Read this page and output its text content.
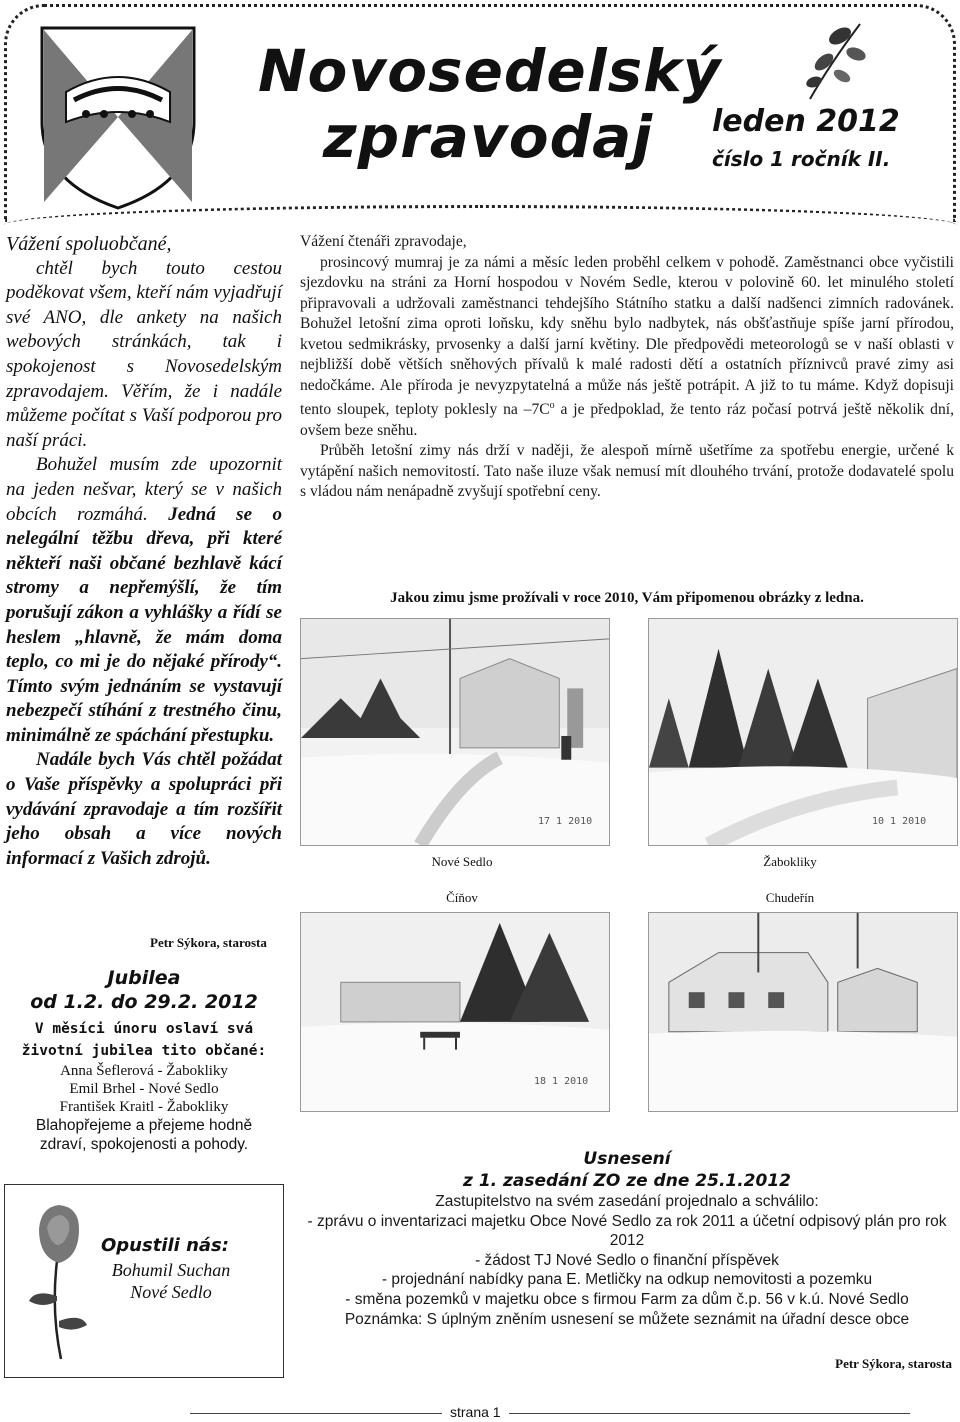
Novosedelský
zpravodaj	leden 2012
číslo 1 ročník II.

Vážení spoluobčané,

chtěl bych touto cestou poděkovat všem, kteří nám vyjadřují své ANO, dle ankety na našich webových stránkách, tak i spokojenost s Novosedelským zpravodajem. Věřím, že i nadále můžeme počítat s Vaší podporou pro naší práci.

Bohužel musím zde upozornit na jeden nešvar, který se v našich obcích rozmáhá. Jedná se o nelegální těžbu dřeva, při které někteří naši občané bezhlavě kácí stromy a nepřemýšlí, že tím porušují zákon a vyhlášky a řídí se heslem „hlavně, že mám doma teplo, co mi je do nějaké přírody“. Tímto svým jednáním se vystavují nebezpečí stíhání z trestného činu, minimálně ze spáchání přestupku.

Nadále bych Vás chtěl požádat o Vaše příspěvky a spolupráci při vydávání zpravodaje a tím rozšířit jeho obsah a více nových informací z Vašich zdrojů.

Petr Sýkora, starosta
Jubilea
od 1.2. do 29.2. 2012
V měsíci únoru oslaví svá
životní jubilea tito občané:
Anna Šeflerová - Žabokliky
Emil Brhel - Nové Sedlo
František Kraitl - Žabokliky
Blahopřejeme a přejeme hodně
zdraví, spokojenosti a pohody.
Opustili nás:
Bohumil Suchan
Nové Sedlo

Vážení čtenáři zpravodaje,

prosincový mumraj je za námi a měsíc leden proběhl celkem v pohodě. Zaměstnanci obce vyčistili sjezdovku na stráni za Horní hospodou v Novém Sedle, kterou v polovině 60. let minulého století připravovali a udržovali zaměstnanci tehdejšího Státního statku a další nadšenci zimních radovánek. Bohužel letošní zima oproti loňsku, kdy sněhu bylo nadbytek, nás obšťastňuje spíše jarní přírodou, kvetou sedmikrásky, prvosenky a další jarní květiny. Dle předpovědi meteorologů se v naší oblasti v nejbližší době větších sněhových přívalů k malé radosti dětí a ostatních příznivců pravé zimy asi nedočkáme. Ale příroda je nevyzpytatelná a může nás ještě potrápit. A již to tu máme. Když dopisuji tento sloupek, teploty poklesly na $-7C^o$ a je předpoklad, že tento ráz počasí potrvá ještě několik dní, ovšem beze sněhu.

Průběh letošní zimy nás drží v naději, že alespoň mírně ušetříme za spotřebu energie, určené k vytápění našich nemovitostí. Tato naše iluze však nemusí mít dlouhého trvání, protože dodavatelé spolu s vládou nám nenápadně zvyšují spotřební ceny.

Jakou zimu jsme prožívali v roce 2010, Vám připomenou obrázky z ledna.
17 1 2010
Nové Sedlo
10 1 2010
Žabokliky
Číňov	Chudeřín
18 1 2010
Usnesení
z 1. zasedání ZO ze dne 25.1.2012
Zastupitelstvo na svém zasedání projednalo a schválilo:
- zprávu o inventarizaci majetku Obce Nové Sedlo za rok 2011 a účetní odpisový plán pro rok 2012
- žádost TJ Nové Sedlo o finanční příspěvek
- projednání nabídky pana E. Metličky na odkup nemovitosti a pozemku
- směna pozemků v majetku obce s firmou Farm za dům č.p. 56 v k.ú. Nové Sedlo
Poznámka: S úplným zněním usnesení se můžete seznámit na úřadní desce obce
Petr Sýkora, starosta
strana 1
